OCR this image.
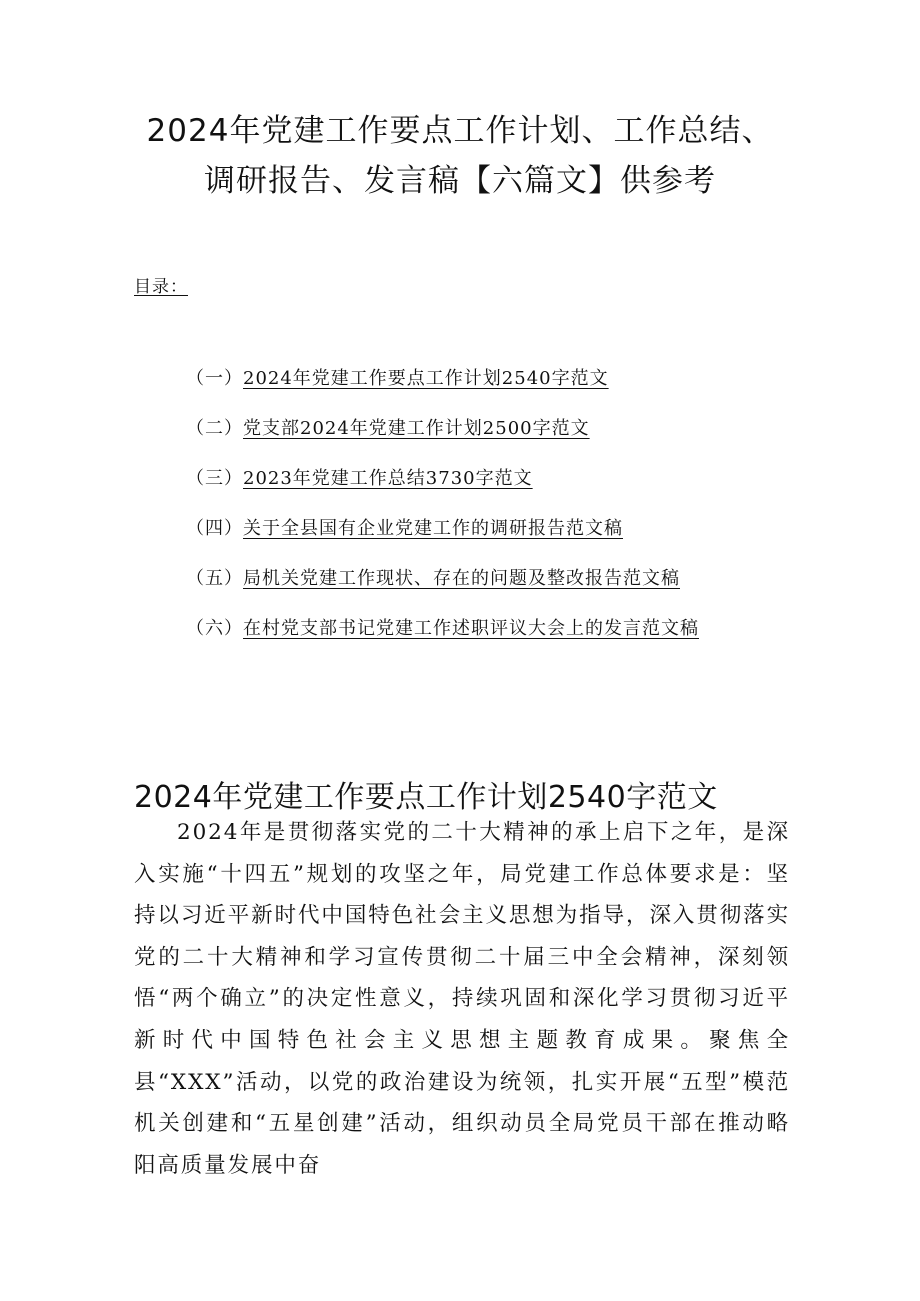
2024年党建工作要点工作计划、工作总结、
调研报告、发言稿【六篇文】供参考
目录：
（一）2024年党建工作要点工作计划2540字范文
（二）党支部2024年党建工作计划2500字范文
（三）2023年党建工作总结3730字范文
（四）关于全县国有企业党建工作的调研报告范文稿
（五）局机关党建工作现状、存在的问题及整改报告范文稿
（六）在村党支部书记党建工作述职评议大会上的发言范文稿
2024年党建工作要点工作计划2540字范文

2024年是贯彻落实党的二十大精神的承上启下之年，是深入实施“十四五”规划的攻坚之年，局党建工作总体要求是：坚持以习近平新时代中国特色社会主义思想为指导，深入贯彻落实党的二十大精神和学习宣传贯彻二十届三中全会精神，深刻领悟“两个确立”的决定性意义，持续巩固和深化学习贯彻习近平新时代中国特色社会主义思想主题教育成果。聚焦全县“XXX”活动，以党的政治建设为统领，扎实开展“五型”模范机关创建和“五星创建”活动，组织动员全局党员干部在推动略阳高质量发展中奋
